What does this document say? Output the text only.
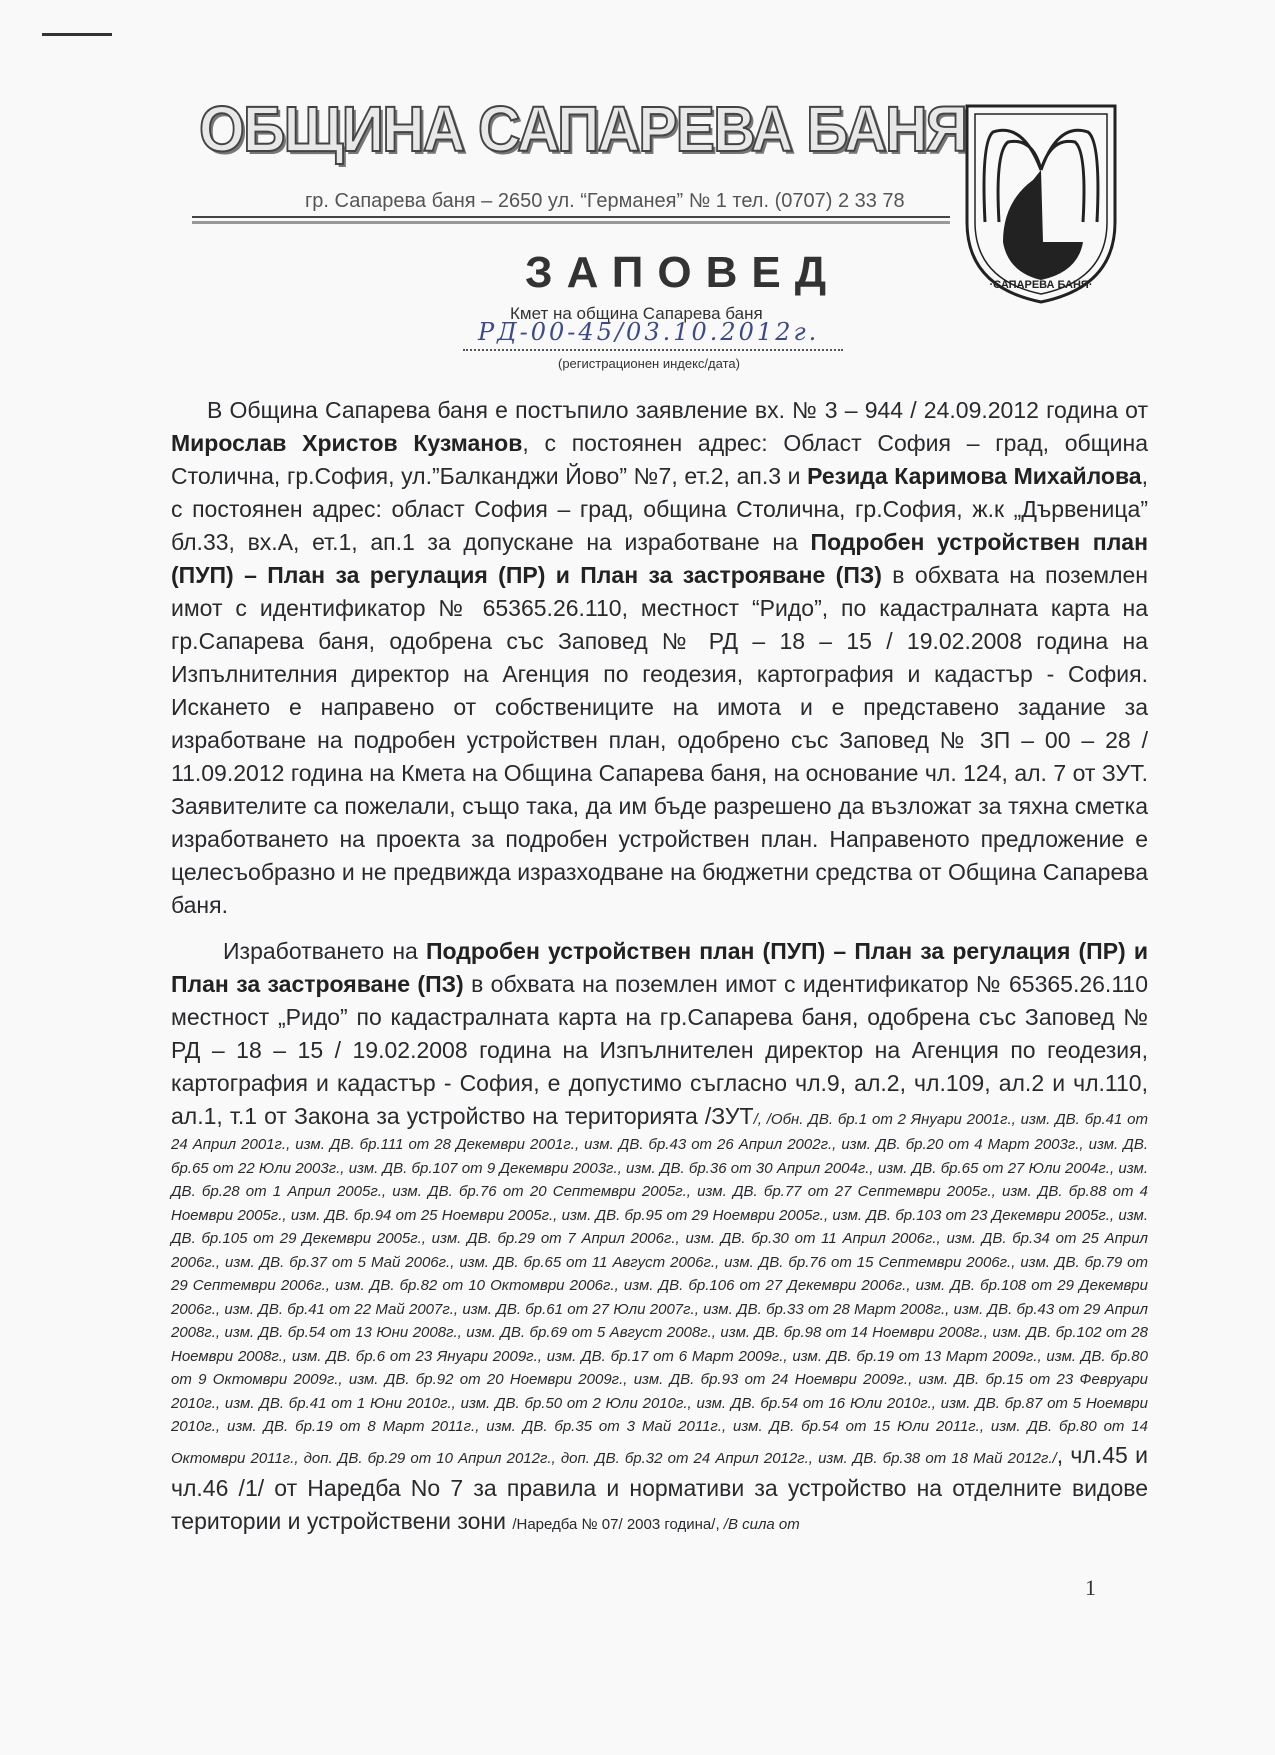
ОБЩИНА САПАРЕВА БАНЯ
гр. Сапарева баня – 2650 ул. “Германея” № 1 тел. (0707) 2 33 78
·САПАРЕВА БАНЯ·
ЗАПОВЕД
Кмет на община Сапарева баня
РД-00-45/03.10.2012г.
(регистрационен индекс/дата)

В Община Сапарева баня е постъпило заявление вх. № 3 – 944 / 24.09.2012 година от Мирослав Христов Кузманов, с постоянен адрес: Област София – град, община Столична, гр.София, ул.”Балканджи Йово” №7, ет.2, ап.3 и Резида Каримова Михайлова, с постоянен адрес: област София – град, община Столична, гр.София, ж.к „Дървеница” бл.33, вх.А, ет.1, ап.1 за допускане на изработване на Подробен устройствен план (ПУП) – План за регулация (ПР) и План за застрояване (ПЗ) в обхвата на поземлен имот с идентификатор № 65365.26.110, местност “Ридо”, по кадастралната карта на гр.Сапарева баня, одобрена със Заповед № РД – 18 – 15 / 19.02.2008 година на Изпълнителния директор на Агенция по геодезия, картография и кадастър - София. Искането е направено от собствениците на имота и е представено задание за изработване на подробен устройствен план, одобрено със Заповед № ЗП – 00 – 28 / 11.09.2012 година на Кмета на Община Сапарева баня, на основание чл. 124, ал. 7 от ЗУТ. Заявителите са пожелали, също така, да им бъде разрешено да възложат за тяхна сметка изработването на проекта за подробен устройствен план. Направеното предложение е целесъобразно и не предвижда изразходване на бюджетни средства от Община Сапарева баня.

Изработването на Подробен устройствен план (ПУП) – План за регулация (ПР) и План за застрояване (ПЗ) в обхвата на поземлен имот с идентификатор № 65365.26.110 местност „Ридо” по кадастралната карта на гр.Сапарева баня, одобрена със Заповед № РД – 18 – 15 / 19.02.2008 година на Изпълнителен директор на Агенция по геодезия, картография и кадастър - София, е допустимо съгласно чл.9, ал.2, чл.109, ал.2 и чл.110, ал.1, т.1 от Закона за устройство на територията /ЗУТ/, /Обн. ДВ. бр.1 от 2 Януари 2001г., изм. ДВ. бр.41 от 24 Април 2001г., изм. ДВ. бр.111 от 28 Декември 2001г., изм. ДВ. бр.43 от 26 Април 2002г., изм. ДВ. бр.20 от 4 Март 2003г., изм. ДВ. бр.65 от 22 Юли 2003г., изм. ДВ. бр.107 от 9 Декември 2003г., изм. ДВ. бр.36 от 30 Април 2004г., изм. ДВ. бр.65 от 27 Юли 2004г., изм. ДВ. бр.28 от 1 Април 2005г., изм. ДВ. бр.76 от 20 Септември 2005г., изм. ДВ. бр.77 от 27 Септември 2005г., изм. ДВ. бр.88 от 4 Ноември 2005г., изм. ДВ. бр.94 от 25 Ноември 2005г., изм. ДВ. бр.95 от 29 Ноември 2005г., изм. ДВ. бр.103 от 23 Декември 2005г., изм. ДВ. бр.105 от 29 Декември 2005г., изм. ДВ. бр.29 от 7 Април 2006г., изм. ДВ. бр.30 от 11 Април 2006г., изм. ДВ. бр.34 от 25 Април 2006г., изм. ДВ. бр.37 от 5 Май 2006г., изм. ДВ. бр.65 от 11 Август 2006г., изм. ДВ. бр.76 от 15 Септември 2006г., изм. ДВ. бр.79 от 29 Септември 2006г., изм. ДВ. бр.82 от 10 Октомври 2006г., изм. ДВ. бр.106 от 27 Декември 2006г., изм. ДВ. бр.108 от 29 Декември 2006г., изм. ДВ. бр.41 от 22 Май 2007г., изм. ДВ. бр.61 от 27 Юли 2007г., изм. ДВ. бр.33 от 28 Март 2008г., изм. ДВ. бр.43 от 29 Април 2008г., изм. ДВ. бр.54 от 13 Юни 2008г., изм. ДВ. бр.69 от 5 Август 2008г., изм. ДВ. бр.98 от 14 Ноември 2008г., изм. ДВ. бр.102 от 28 Ноември 2008г., изм. ДВ. бр.6 от 23 Януари 2009г., изм. ДВ. бр.17 от 6 Март 2009г., изм. ДВ. бр.19 от 13 Март 2009г., изм. ДВ. бр.80 от 9 Октомври 2009г., изм. ДВ. бр.92 от 20 Ноември 2009г., изм. ДВ. бр.93 от 24 Ноември 2009г., изм. ДВ. бр.15 от 23 Февруари 2010г., изм. ДВ. бр.41 от 1 Юни 2010г., изм. ДВ. бр.50 от 2 Юли 2010г., изм. ДВ. бр.54 от 16 Юли 2010г., изм. ДВ. бр.87 от 5 Ноември 2010г., изм. ДВ. бр.19 от 8 Март 2011г., изм. ДВ. бр.35 от 3 Май 2011г., изм. ДВ. бр.54 от 15 Юли 2011г., изм. ДВ. бр.80 от 14 Октомври 2011г., доп. ДВ. бр.29 от 10 Април 2012г., доп. ДВ. бр.32 от 24 Април 2012г., изм. ДВ. бр.38 от 18 Май 2012г./, чл.45 и чл.46 /1/ от Наредба No 7 за правила и нормативи за устройство на отделните видове територии и устройствени зони /Наредба № 07/ 2003 година/, /В сила от

1
